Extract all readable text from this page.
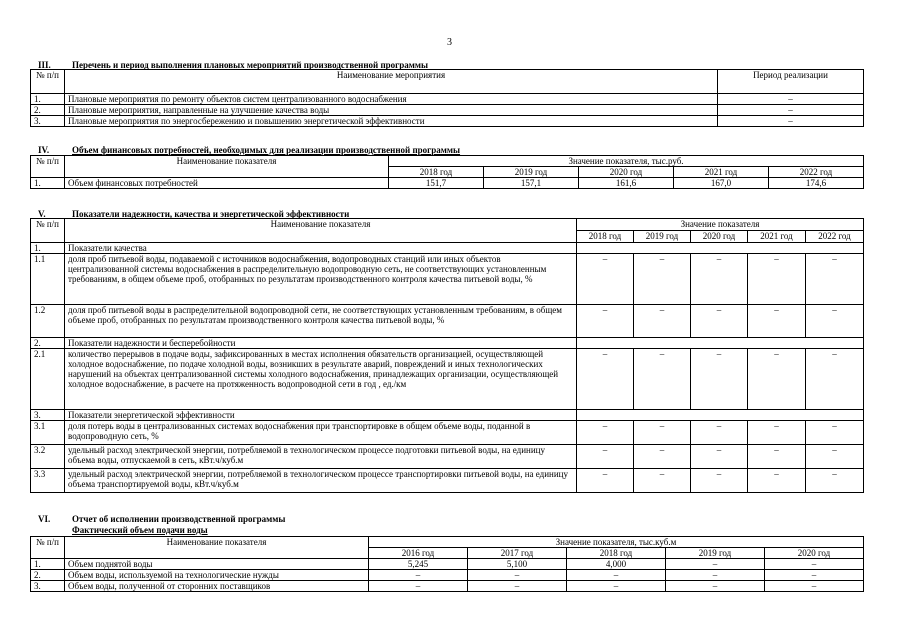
3
III. Перечень и период выполнения плановых мероприятий производственной программы
№ п/п	Наименование мероприятия	Период реализации
1.	Плановые мероприятия по ремонту объектов систем централизованного водоснабжения	–
2.	Плановые мероприятия, направленные на улучшение качества воды	–
3.	Плановые мероприятия по энергосбережению и повышению энергетической эффективности	–
IV.	Объем финансовых потребностей, необходимых для реализации производственной программы
№ п/п	Наименование показателя	Значение показателя, тыс.руб.				
		2018 год	2019 год	2020 год	2021 год	2022 год
1.	Объем финансовых потребностей	151,7	157,1	161,6	167,0	174,6
V.	Показатели надежности, качества и энергетической эффективности
№ п/п	Наименование показателя	Значение показателя				
		2018 год	2019 год	2020 год	2021 год	2022 год
1.	Показатели качества					
1.1	доля проб питьевой воды, подаваемой с источников водоснабжения, водопроводных станций или иных объектов централизованной системы водоснабжения в распределительную водопроводную сеть, не соответствующих установленным требованиям, в общем объеме проб, отобранных по результатам производственного контроля качества питьевой воды, %	–	–	–	–	–
1.2	доля проб питьевой воды в распределительной водопроводной сети, не соответствующих установленным требованиям, в общем объеме проб, отобранных по результатам производственного контроля качества питьевой воды, %	–	–	–	–	–
2.	Показатели надежности и бесперебойности					
2.1	количество перерывов в подаче воды, зафиксированных в местах исполнения обязательств организацией, осуществляющей холодное водоснабжение, по подаче холодной воды, возникших в результате аварий, повреждений и иных технологических нарушений на объектах централизованной системы холодного водоснабжения, принадлежащих организации, осуществляющей холодное водоснабжение, в расчете на протяженность водопроводной сети в год , ед./км	–	–	–	–	–
3.	Показатели энергетической эффективности					
3.1	доля потерь воды в централизованных системах водоснабжения при транспортировке в общем объеме воды, поданной в водопроводную сеть, %	–	–	–	–	–
3.2	удельный расход электрической энергии, потребляемой в технологическом процессе подготовки питьевой воды, на единицу объема воды, отпускаемой в сеть, кВт.ч/куб.м	–	–	–	–	–
3.3	удельный расход электрической энергии, потребляемой в технологическом процессе транспортировки питьевой воды, на единицу объема транспортируемой воды, кВт.ч/куб.м	–	–	–	–	–
VI. Отчет об исполнении производственной программы
Фактический объем подачи воды
№ п/п	Наименование показателя	Значение показателя, тыс.куб.м				
		2016 год	2017 год	2018 год	2019 год	2020 год
1.	Объем поднятой воды	5,245	5,100	4,000	–	–
2.	Объем воды, используемой на технологические нужды	–	–	–	–	–
3.	Объем воды, полученной от сторонних поставщиков	–	–	–	–	–
